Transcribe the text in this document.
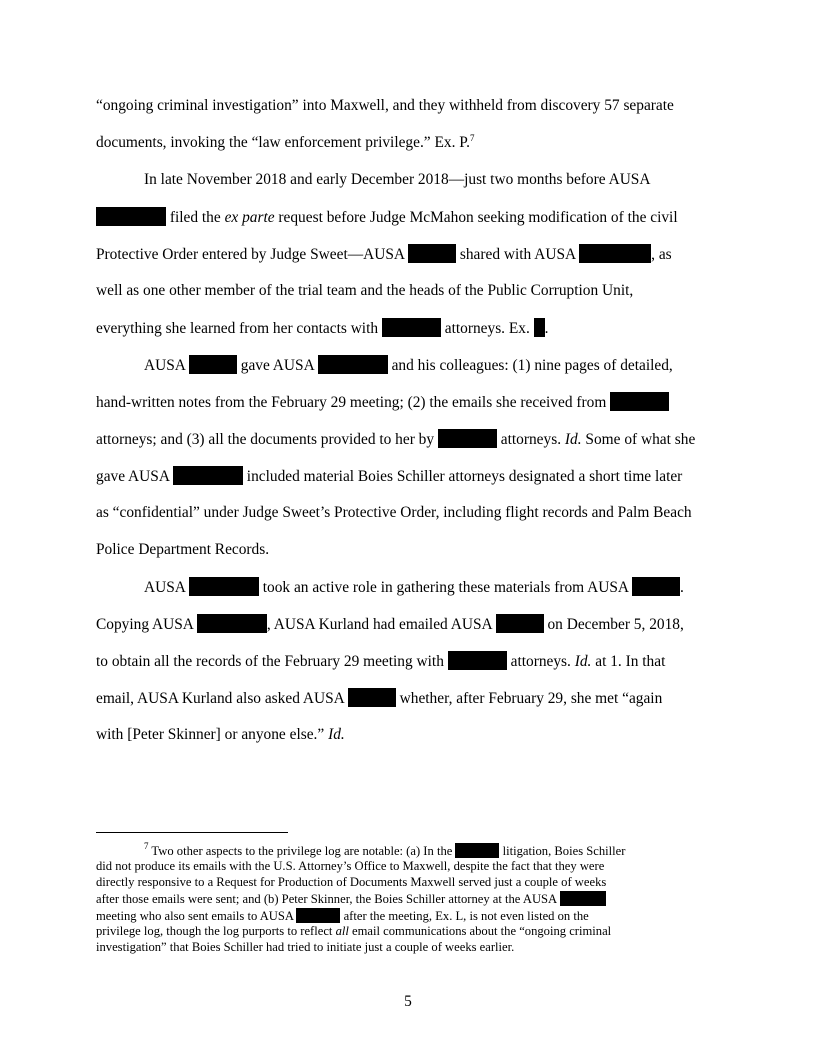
“ongoing criminal investigation” into Maxwell, and they withheld from discovery 57 separate
documents, invoking the “law enforcement privilege.” Ex. P.$^7$
In late November 2018 and early December 2018—just two months before AUSA
filed the ex parte request before Judge McMahon seeking modification of the civil
Protective Order entered by Judge Sweet—AUSA	shared with AUSA	, as
well as one other member of the trial team and the heads of the Public Corruption Unit,
everything she learned from her contacts with	attorneys. Ex. .
AUSA	gave AUSA	and his colleagues: (1) nine pages of detailed,
hand-written notes from the February 29 meeting; (2) the emails she received from
attorneys; and (3) all the documents provided to her by	attorneys. Id. Some of what she
gave AUSA	included material Boies Schiller attorneys designated a short time later
as “confidential” under Judge Sweet’s Protective Order, including flight records and Palm Beach
Police Department Records.
AUSA	took an active role in gathering these materials from AUSA	.
Copying AUSA	, AUSA Kurland had emailed AUSA	on December 5, 2018,
to obtain all the records of the February 29 meeting with	attorneys. Id. at 1. In that
email, AUSA Kurland also asked AUSA	whether, after February 29, she met “again
with [Peter Skinner] or anyone else.” Id.
$^7$ Two other aspects to the privilege log are notable: (a) In the	litigation, Boies Schiller
did not produce its emails with the U.S. Attorney’s Office to Maxwell, despite the fact that they were
directly responsive to a Request for Production of Documents Maxwell served just a couple of weeks
after those emails were sent; and (b) Peter Skinner, the Boies Schiller attorney at the AUSA
meeting who also sent emails to AUSA	after the meeting, Ex. L, is not even listed on the
privilege log, though the log purports to reflect all email communications about the “ongoing criminal
investigation” that Boies Schiller had tried to initiate just a couple of weeks earlier.
5
